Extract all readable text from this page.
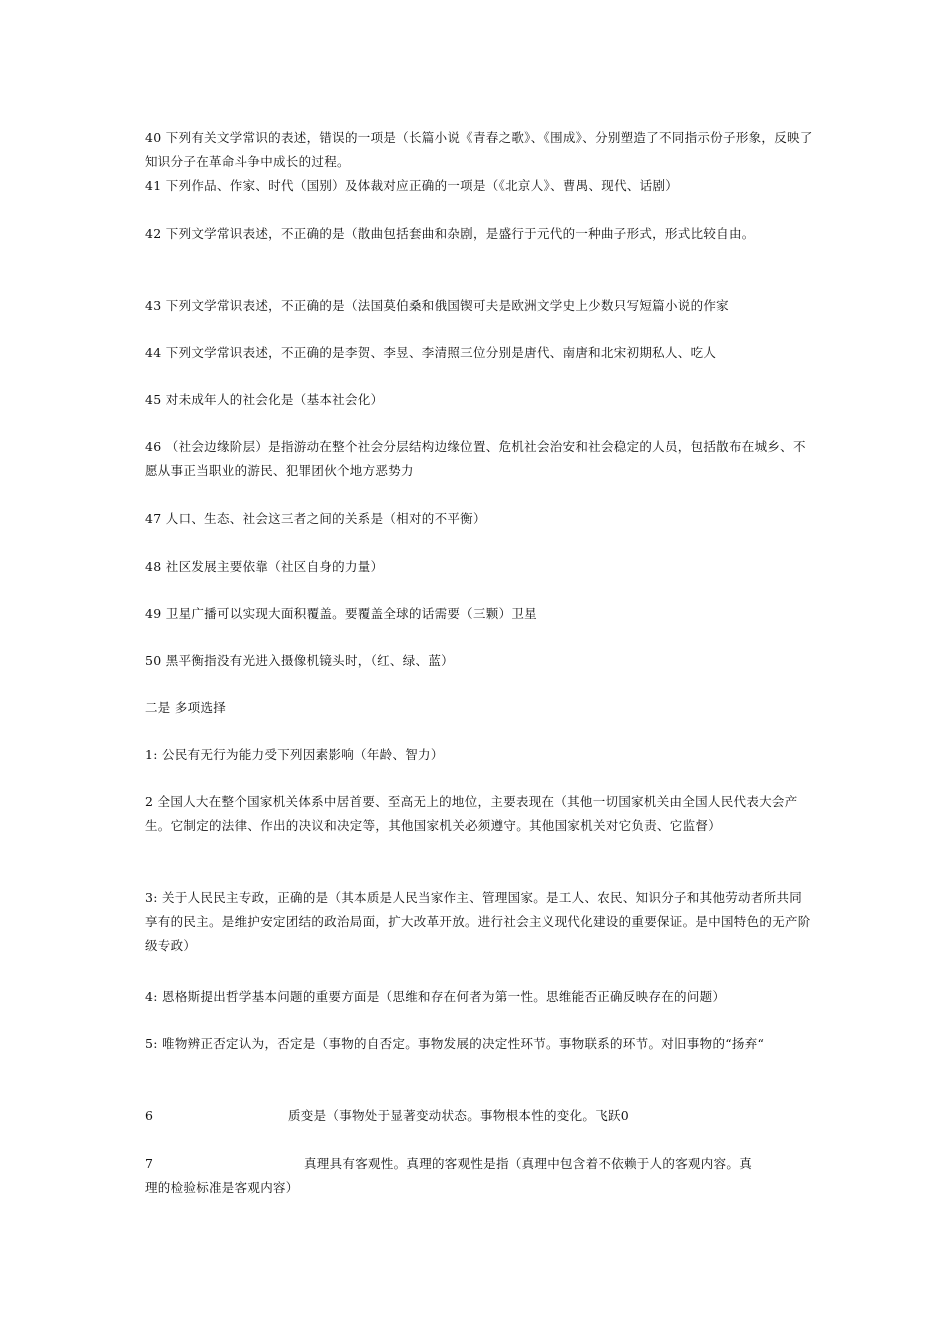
40 下列有关文学常识的表述，错误的一项是（长篇小说《青春之歌》、《围成》、分别塑造了不同指示份子形象，反映了知识分子在革命斗争中成长的过程。
41 下列作品、作家、时代（国别）及体裁对应正确的一项是（《北京人》、曹禺、现代、话剧）
42 下列文学常识表述，不正确的是（散曲包括套曲和杂剧，是盛行于元代的一种曲子形式，形式比较自由。
43 下列文学常识表述，不正确的是（法国莫伯桑和俄国锲可夫是欧洲文学史上少数只写短篇小说的作家
44 下列文学常识表述，不正确的是李贺、李昱、李清照三位分别是唐代、南唐和北宋初期私人、吃人
45 对未成年人的社会化是（基本社会化）
46 （社会边缘阶层）是指游动在整个社会分层结构边缘位置、危机社会治安和社会稳定的人员，包括散布在城乡、不愿从事正当职业的游民、犯罪团伙个地方恶势力
47 人口、生态、社会这三者之间的关系是（相对的不平衡）
48 社区发展主要依靠（社区自身的力量）
49 卫星广播可以实现大面积覆盖。要覆盖全球的话需要（三颗）卫星
50 黑平衡指没有光进入摄像机镜头时，（红、绿、蓝）
二是 多项选择
1: 公民有无行为能力受下列因素影响（年龄、智力）
2 全国人大在整个国家机关体系中居首要、至高无上的地位，主要表现在（其他一切国家机关由全国人民代表大会产生。它制定的法律、作出的决议和决定等，其他国家机关必须遵守。其他国家机关对它负责、它监督）
3: 关于人民民主专政，正确的是（其本质是人民当家作主、管理国家。是工人、农民、知识分子和其他劳动者所共同享有的民主。是维护安定团结的政治局面，扩大改革开放。进行社会主义现代化建设的重要保证。是中国特色的无产阶级专政）
4: 恩格斯提出哲学基本问题的重要方面是（思维和存在何者为第一性。思维能否正确反映存在的问题）
5: 唯物辨正否定认为，否定是（事物的自否定。事物发展的决定性环节。事物联系的环节。对旧事物的“扬弃“
6	质变是（事物处于显著变动状态。事物根本性的变化。飞跃0
7	真理具有客观性。真理的客观性是指（真理中包含着不依赖于人的客观内容。真
理的检验标准是客观内容）
